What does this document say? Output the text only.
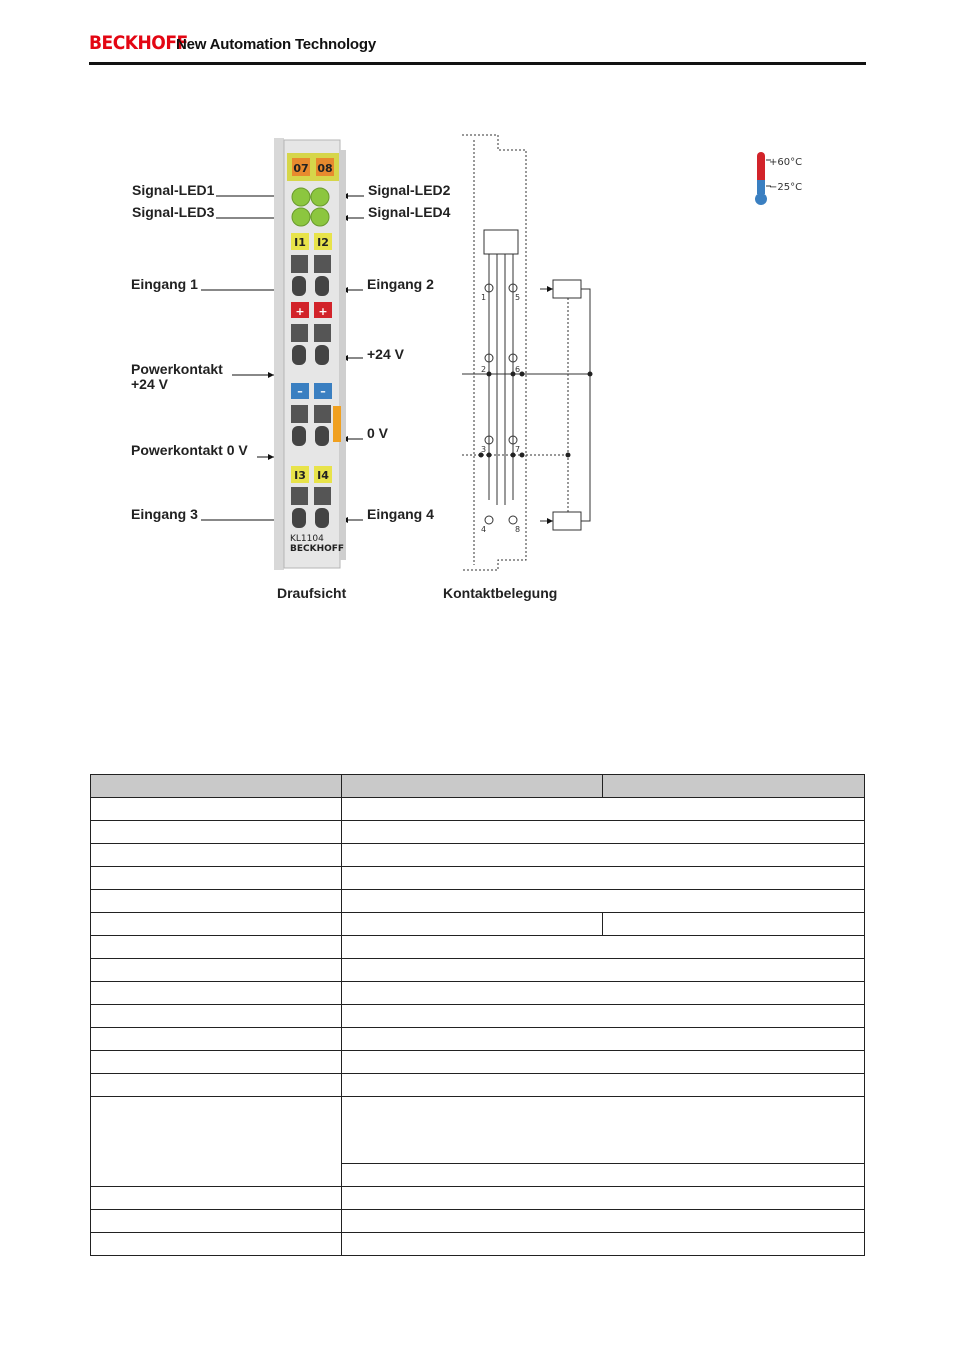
BECKHOFF
New Automation Technology
Signal-LED1
Signal-LED3
Eingang 1
Powerkontakt
+24 V
Powerkontakt 0 V
Eingang 3
Signal-LED2
Signal-LED4
Eingang 2
+24 V
0 V
Eingang 4
07 08
I1 I2
+ +
– –
I3 I4
KL1104
BECKHOFF
1	5
2	6
3	7
4	8
+60°C
−25°C
Draufsicht	Kontaktbelegung
